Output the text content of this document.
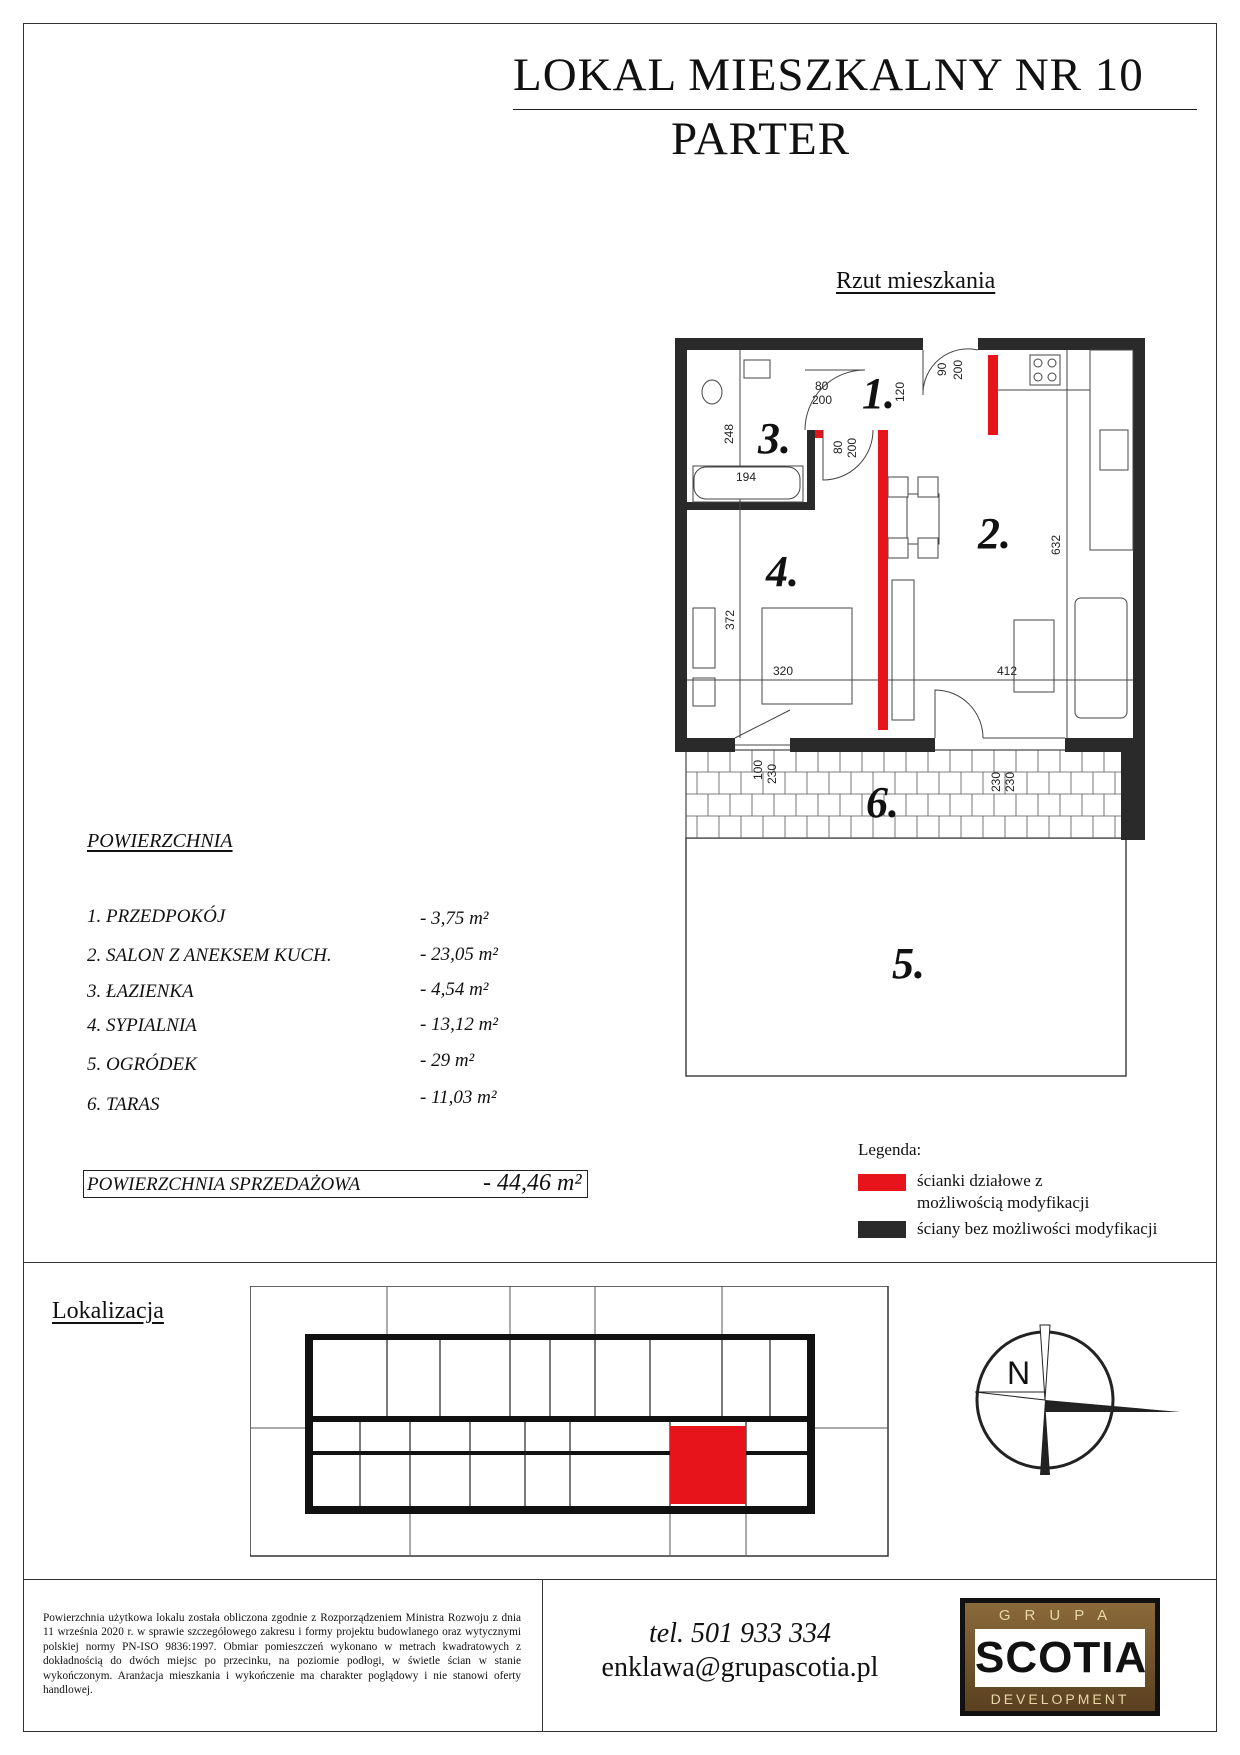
LOKAL MIESZKALNY NR 10
PARTER
Rzut mieszkania
1.
2.
3.
4.
5.
6.
80
200
80 200
90 200
120
248
194
632
372
320	412
100 230	230 230
POWIERZCHNIA
1. PRZEDPOKÓJ	- 3,75 m²
2. SALON Z ANEKSEM KUCH.	- 23,05 m²
3. ŁAZIENKA	- 4,54 m²
4. SYPIALNIA	- 13,12 m²
5. OGRÓDEK	- 29 m²
6. TARAS	- 11,03 m²
POWIERZCHNIA SPRZEDAŻOWA	- 44,46 m²
Legenda:
ścianki działowe z możliwością modyfikacji
ściany bez możliwości modyfikacji
Lokalizacja
N
Powierzchnia użytkowa lokalu została obliczona zgodnie z Rozporządzeniem Ministra Rozwoju z dnia 11 września 2020 r. w sprawie szczegółowego zakresu i formy projektu budowlanego oraz wytycznymi polskiej normy PN-ISO 9836:1997. Obmiar pomieszczeń wykonano w metrach kwadratowych z dokładnością do dwóch miejsc po przecinku, na poziomie podłogi, w świetle ścian w stanie wykończonym. Aranżacja mieszkania i wykończenie ma charakter poglądowy i nie stanowi oferty handlowej.
tel. 501 933 334
enklawa@grupascotia.pl
GRUPA
SCOTIA
DEVELOPMENT
